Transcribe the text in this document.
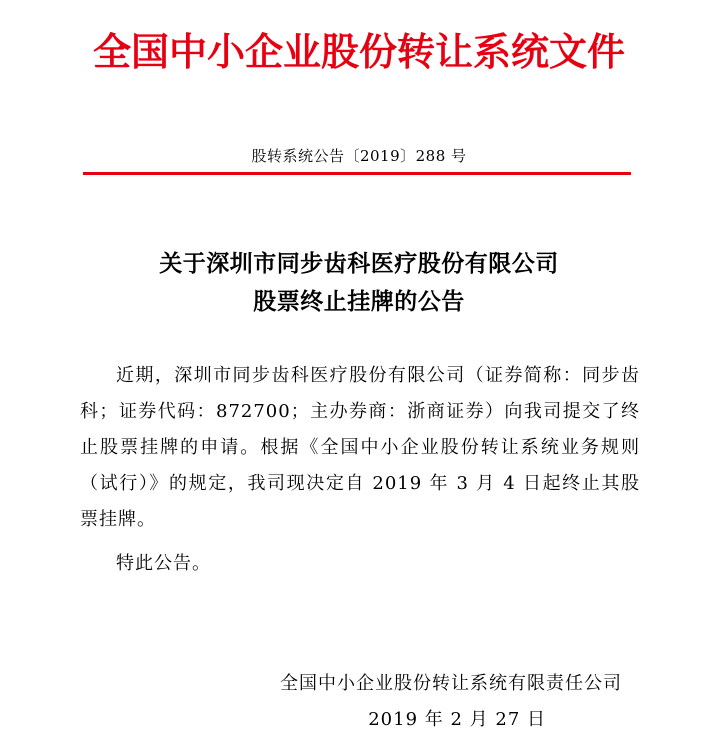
全国中小企业股份转让系统文件
股转系统公告〔2019〕288 号
关于深圳市同步齿科医疗股份有限公司
股票终止挂牌的公告
近期，深圳市同步齿科医疗股份有限公司（证券简称：同步齿科；证券代码：872700；主办券商：浙商证券）向我司提交了终止股票挂牌的申请。根据《全国中小企业股份转让系统业务规则（试行）》的规定，我司现决定自 2019 年 3 月 4 日起终止其股票挂牌。
特此公告。
全国中小企业股份转让系统有限责任公司
2019 年 2 月 27 日
